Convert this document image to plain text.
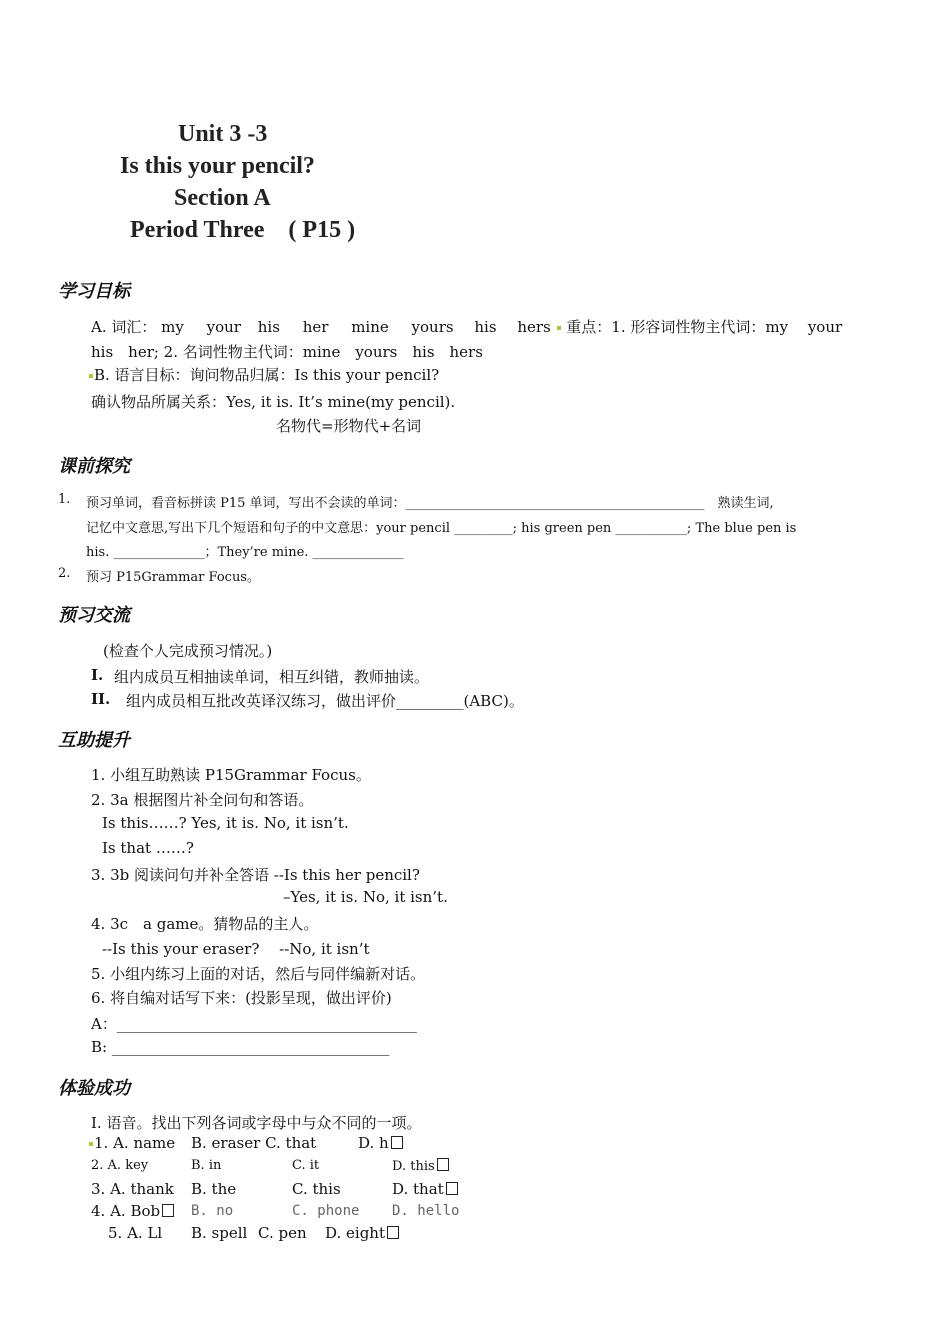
Unit 3 -3
Is this your pencil?
Section A
Period Three　( P15 )
学习目标
A. 词汇： my your his her mine yours his hers 重点：1. 形容词性物主代词：my　 your
his　her; 2. 名词性物主代词：mine　yours　his　hers
B. 语言目标：询问物品归属：Is this your pencil?
确认物品所属关系：Yes, it is. It’s mine(my pencil).
名物代=形物代+名词
课前探究
1. 预习单词，看音标拼读 P15 单词，写出不会读的单词：______________________________________________　熟读生词,
记忆中文意思,写出下几个短语和句子的中文意思：your pencil _________; his green pen ___________; The blue pen is
his. ______________；They’re mine. ______________
2. 预习 P15Grammar Focus。
预习交流
(检查个人完成预习情况。)
I. 组内成员互相抽读单词，相互纠错，教师抽读。
II. 组内成员相互批改英译汉练习，做出评价_________(ABC)。
互助提升
1. 小组互助熟读 P15Grammar Focus。
2. 3a 根据图片补全问句和答语。
Is this……? Yes, it is. No, it isn’t.
Is that ……?
3. 3b 阅读问句并补全答语 --Is this her pencil?
–Yes, it is. No, it isn’t.
4. 3c　a game。猜物品的主人。
--Is this your eraser?　 --No, it isn’t
5. 小组内练习上面的对话，然后与同伴编新对话。
6. 将自编对话写下来：(投影呈现，做出评价)
A：________________________________________
B: _____________________________________
体验成功
I. 语音。找出下列各词或字母中与众不同的一项。
1. A. name B. eraser C. that	D. h
2. A. key	B. in	C. it	D. this
3. A. thank B. the	C. this	D. that
4. A. Bob	B. no	C. phone D. hello
5. A. Ll B. spell C. pen D. eight
